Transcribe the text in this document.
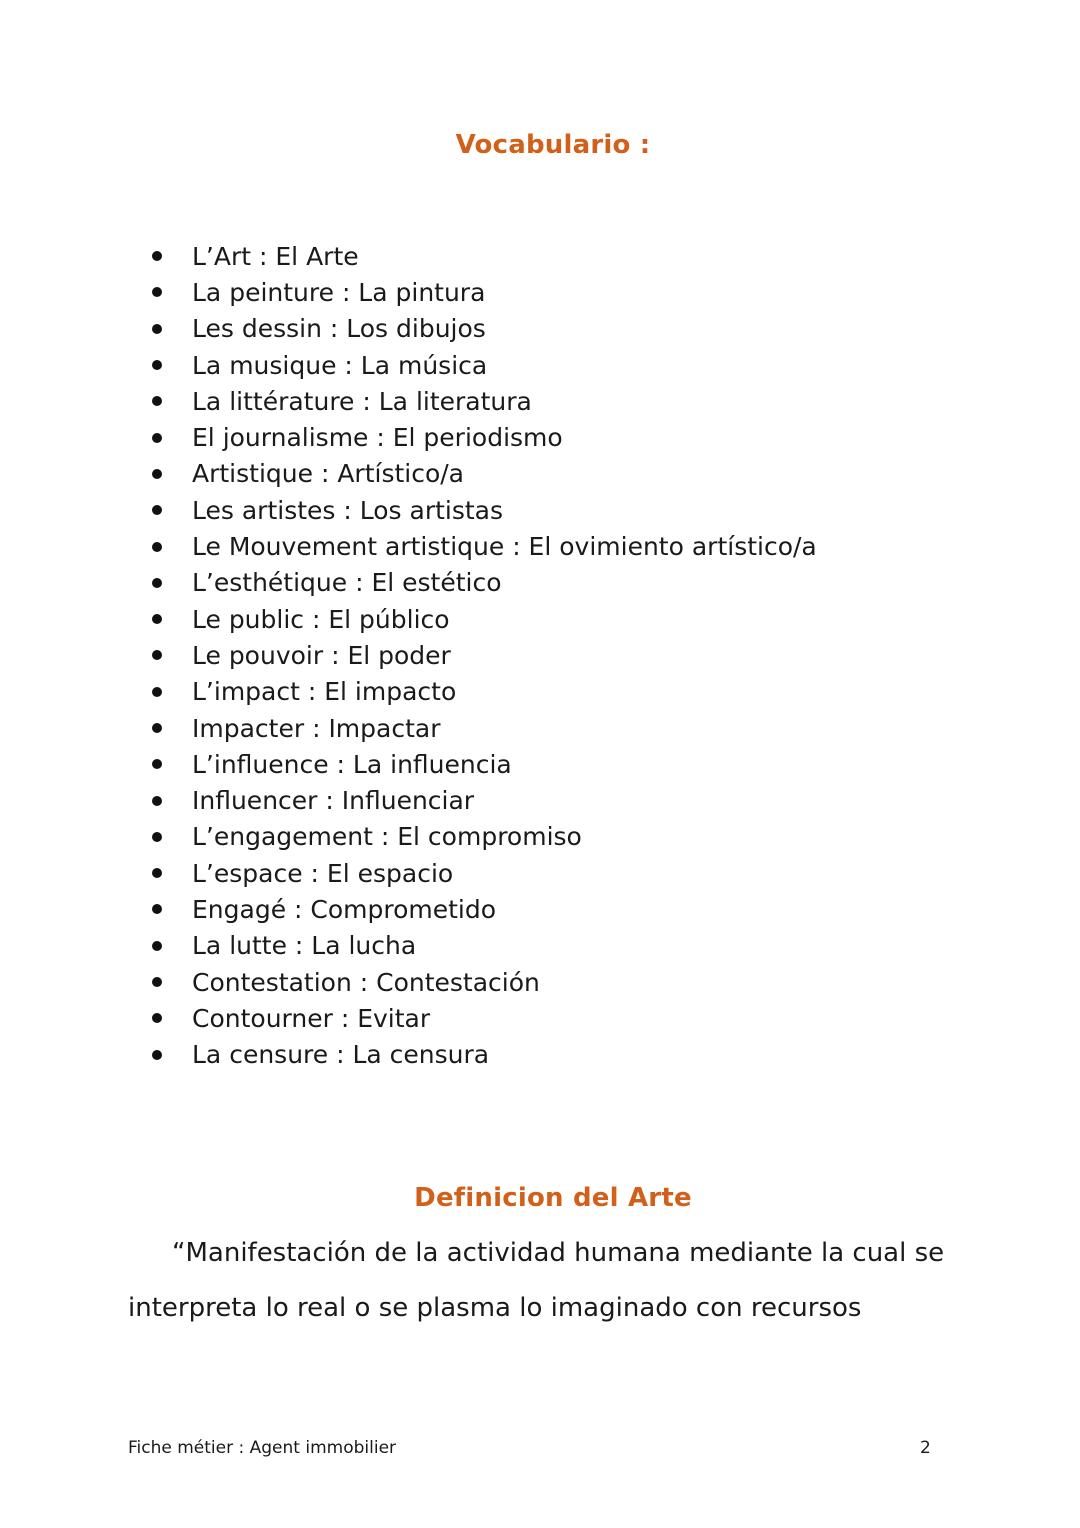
Vocabulario :
L’Art : El Arte
La peinture : La pintura
Les dessin : Los dibujos
La musique : La música
La littérature : La literatura
El journalisme : El periodismo
Artistique : Artístico/a
Les artistes : Los artistas
Le Mouvement artistique : El ovimiento artístico/a
L’esthétique : El estético
Le public : El público
Le pouvoir : El poder
L’impact : El impacto
Impacter : Impactar
L’influence : La influencia
Influencer : Influenciar
L’engagement : El compromiso
L’espace : El espacio
Engagé : Comprometido
La lutte : La lucha
Contestation : Contestación
Contourner : Evitar
La censure : La censura
Definicion del Arte

“Manifestación de la actividad humana mediante la cual se interpreta lo real o se plasma lo imaginado con recursos

Fiche métier : Agent immobilier	2
